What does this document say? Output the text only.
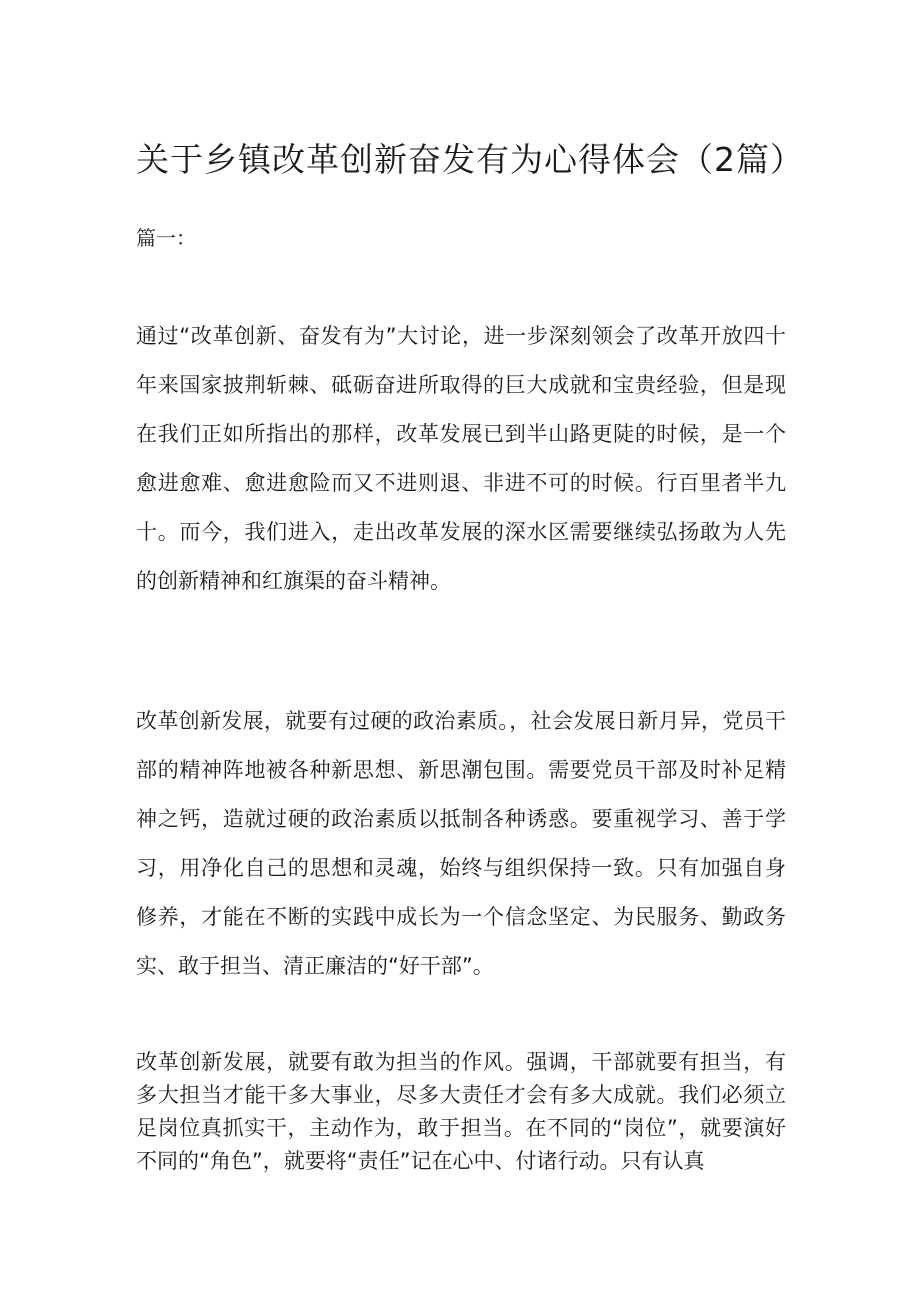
关于乡镇改革创新奋发有为心得体会（2篇）

篇一：

通过“改革创新、奋发有为”大讨论，进一步深刻领会了改革开放四十年来国家披荆斩棘、砥砺奋进所取得的巨大成就和宝贵经验，但是现在我们正如所指出的那样，改革发展已到半山路更陡的时候，是一个愈进愈难、愈进愈险而又不进则退、非进不可的时候。行百里者半九十。而今，我们进入，走出改革发展的深水区需要继续弘扬敢为人先的创新精神和红旗渠的奋斗精神。

改革创新发展，就要有过硬的政治素质。，社会发展日新月异，党员干部的精神阵地被各种新思想、新思潮包围。需要党员干部及时补足精神之钙，造就过硬的政治素质以抵制各种诱惑。要重视学习、善于学习，用净化自己的思想和灵魂，始终与组织保持一致。只有加强自身修养，才能在不断的实践中成长为一个信念坚定、为民服务、勤政务实、敢于担当、清正廉洁的“好干部”。

改革创新发展，就要有敢为担当的作风。强调，干部就要有担当，有多大担当才能干多大事业，尽多大责任才会有多大成就。我们必须立足岗位真抓实干，主动作为，敢于担当。在不同的“岗位”，就要演好不同的“角色”，就要将“责任”记在心中、付诸行动。只有认真
